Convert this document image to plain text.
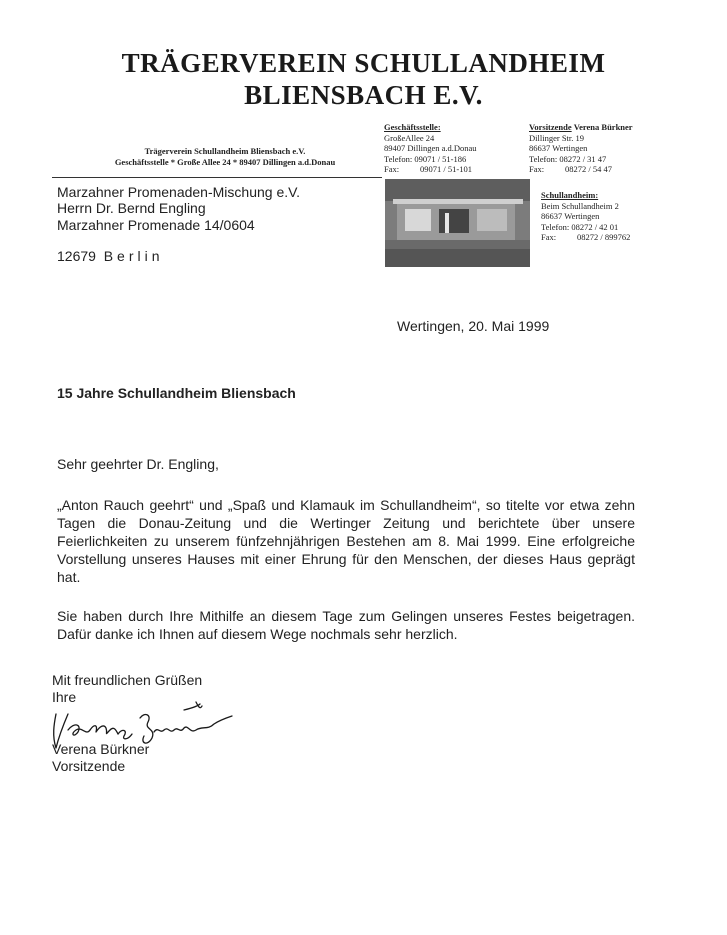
TRÄGERVEREIN SCHULLANDHEIM
BLIENSBACH E.V.
Trägerverein Schullandheim Bliensbach e.V.
Geschäftsstelle * Große Allee 24 * 89407 Dillingen a.d.Donau
Geschäftsstelle:
GroßeAllee 24
89407 Dillingen a.d.Donau
Telefon: 09071 / 51-186
Fax: 09071 / 51-101
Vorsitzende Verena Bürkner
Dillinger Str. 19
86637 Wertingen
Telefon: 08272 / 31 47
Fax: 08272 / 54 47
Schullandheim:
Beim Schullandheim 2
86637 Wertingen
Telefon: 08272 / 42 01
Fax: 08272 / 899762
Marzahner Promenaden-Mischung e.V.
Herrn Dr. Bernd Engling
Marzahner Promenade 14/0604
12679 Berlin
Wertingen, 20. Mai 1999
15 Jahre Schullandheim Bliensbach
Sehr geehrter Dr. Engling,
„Anton Rauch geehrt“ und „Spaß und Klamauk im Schullandheim“, so titelte vor etwa zehn Tagen die Donau-Zeitung und die Wertinger Zeitung und berichtete über unsere Feierlichkeiten zu unserem fünfzehnjährigen Bestehen am 8. Mai 1999. Eine erfolgreiche Vorstellung unseres Hauses mit einer Ehrung für den Menschen, der dieses Haus geprägt hat.
Sie haben durch Ihre Mithilfe an diesem Tage zum Gelingen unseres Festes beigetragen. Dafür danke ich Ihnen auf diesem Wege nochmals sehr herzlich.
Mit freundlichen Grüßen
Ihre
Verena Bürkner
Vorsitzende
